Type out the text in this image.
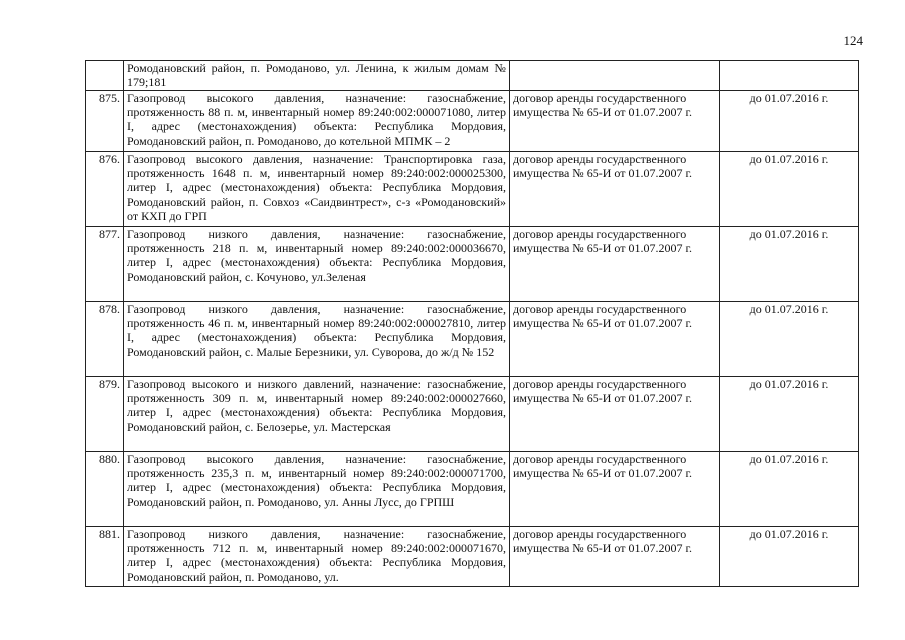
124
	Ромодановский район, п. Ромоданово, ул. Ленина, к жилым домам № 179;181		
875.	Газопровод высокого давления, назначение: газоснабжение, протяженность 88 п. м, инвентарный номер 89:240:002:000071080, литер I, адрес (местонахождения) объекта: Республика Мордовия, Ромодановский район, п. Ромоданово, до котельной МПМК – 2	договор аренды государственного имущества № 65-И от 01.07.2007 г.	до 01.07.2016 г.
876.	Газопровод высокого давления, назначение: Транспортировка газа, протяженность 1648 п. м, инвентарный номер 89:240:002:000025300, литер I, адрес (местонахождения) объекта: Республика Мордовия, Ромодановский район, п. Совхоз «Саидвинтрест», с-з «Ромодановский» от КХП до ГРП	договор аренды государственного имущества № 65-И от 01.07.2007 г.	до 01.07.2016 г.
877.	Газопровод низкого давления, назначение: газоснабжение, протяженность 218 п. м, инвентарный номер 89:240:002:000036670, литер I, адрес (местонахождения) объекта: Республика Мордовия, Ромодановский район, с. Кочуново, ул.Зеленая	договор аренды государственного имущества № 65-И от 01.07.2007 г.	до 01.07.2016 г.
878.	Газопровод низкого давления, назначение: газоснабжение, протяженность 46 п. м, инвентарный номер 89:240:002:000027810, литер I, адрес (местонахождения) объекта: Республика Мордовия, Ромодановский район, с. Малые Березники, ул. Суворова, до ж/д № 152	договор аренды государственного имущества № 65-И от 01.07.2007 г.	до 01.07.2016 г.
879.	Газопровод высокого и низкого давлений, назначение: газоснабжение, протяженность 309 п. м, инвентарный номер 89:240:002:000027660, литер I, адрес (местонахождения) объекта: Республика Мордовия, Ромодановский район, с. Белозерье, ул. Мастерская	договор аренды государственного имущества № 65-И от 01.07.2007 г.	до 01.07.2016 г.
880.	Газопровод высокого давления, назначение: газоснабжение, протяженность 235,3 п. м, инвентарный номер 89:240:002:000071700, литер I, адрес (местонахождения) объекта: Республика Мордовия, Ромодановский район, п. Ромоданово, ул. Анны Лусс, до ГРПШ	договор аренды государственного имущества № 65-И от 01.07.2007 г.	до 01.07.2016 г.
881.	Газопровод низкого давления, назначение: газоснабжение, протяженность 712 п. м, инвентарный номер 89:240:002:000071670, литер I, адрес (местонахождения) объекта: Республика Мордовия, Ромодановский район, п. Ромоданово, ул.	договор аренды государственного имущества № 65-И от 01.07.2007 г.	до 01.07.2016 г.
